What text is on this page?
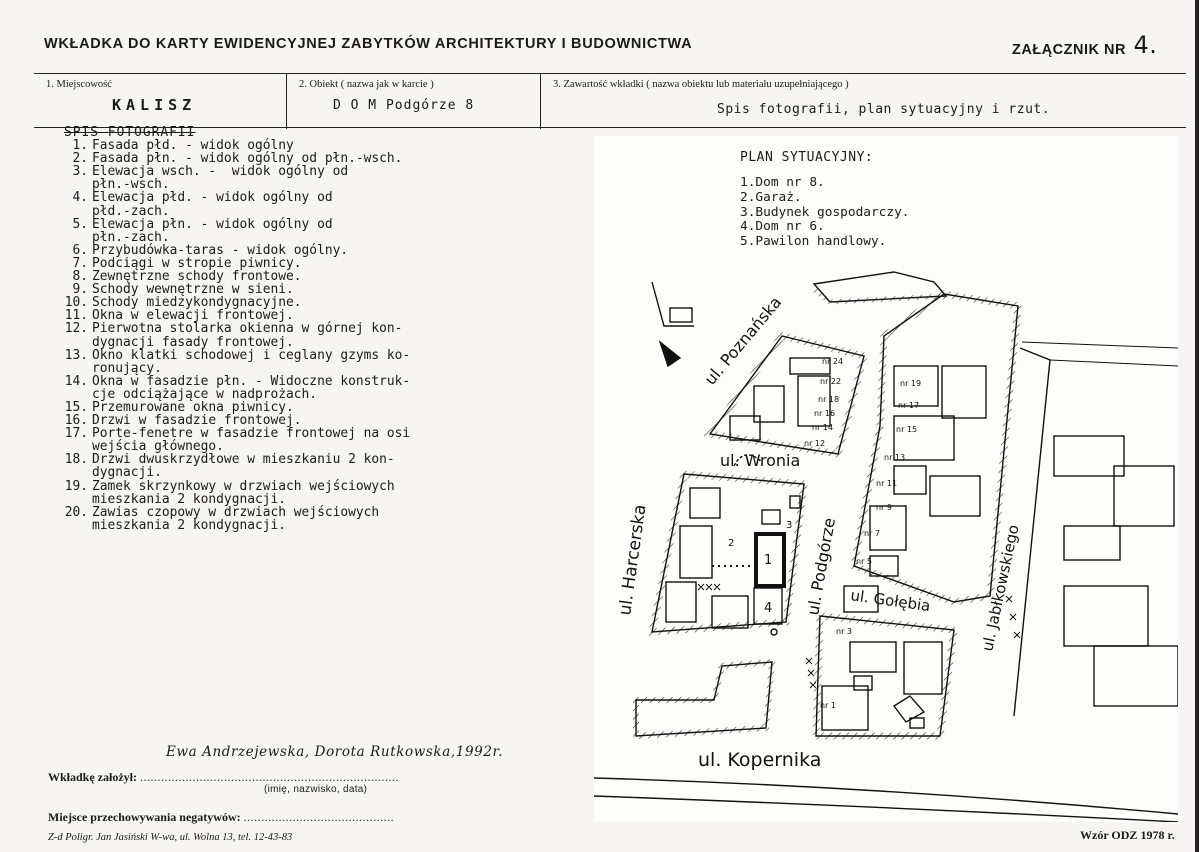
WKŁADKA DO KARTY EWIDENCYJNEJ ZABYTKÓW ARCHITEKTURY I BUDOWNICTWA	ZAŁĄCZNIK NR 4.
1. Miejscowość
KALISZ
2. Obiekt ( nazwa jak w karcie )
D O M Podgórze 8
3. Zawartość wkładki ( nazwa obiektu lub materiału uzupełniającego )
Spis fotografii, plan sytuacyjny i rzut.
SPIS FOTOGRAFII
1. Fasada płd. - widok ogólny
2. Fasada płn. - widok ogólny od płn.-wsch.
3. Elewacja wsch. -  widok ogólny od
płn.-wsch.
4. Elewacja płd. - widok ogólny od
płd.-zach.
5. Elewacja płn. - widok ogólny od
płn.-zach.
6. Przybudówka-taras - widok ogólny.
7. Podciągi w stropie piwnicy.
8. Zewnętrzne schody frontowe.
9. Schody wewnętrzne w sieni.
10. Schody miedzykondygnacyjne.
11. Okna w elewacji frontowej.
12. Pierwotna stolarka okienna w górnej kon-
dygnacji fasady frontowej.
13. Okno klatki schodowej i ceglany gzyms ko-
ronujący.
14. Okna w fasadzie płn. - Widoczne konstruk-
cje odciążające w nadprożach.
15. Przemurowane okna piwnicy.
16. Drzwi w fasadzie frontowej.
17. Porte-fenetre w fasadzie frontowej na osi
wejścia głównego.
18. Drzwi dwuskrzydłowe w mieszkaniu 2 kon-
dygnacji.
19. Zamek skrzynkowy w drzwiach wejściowych
mieszkania 2 kondygnacji.
20. Zawias czopowy w drzwiach wejściowych
mieszkania 2 kondygnacji.
Ewa Andrzejewska, Dorota Rutkowska,1992r.
Wkładkę założył: ..........................................................................
(imię, nazwisko, data)
Miejsce przechowywania negatywów: ...........................................
Z-d Poligr. Jan Jasiński W-wa, ul. Wolna 13, tel. 12-43-83	Wzór ODZ 1978 r.
PLAN SYTUACYJNY:
1.Dom nr 8.
2.Garaż.
3.Budynek gospodarczy.
4.Dom nr 6.
5.Pawilon handlowy.
ul. Poznańska
ul. Wronia
ul. Harcerska	ul. Podgórze ul. Gołębia	ul. Jabłkowskiego
ul. Kopernika
nr 24
nr 22
nr 18
nr 16
nr 14
nr 12
nr 19
nr 17
nr 15
nr 13
nr 11
nr 9
nr 7
nr 5
nr 3
nr 1
1
2
3
4
